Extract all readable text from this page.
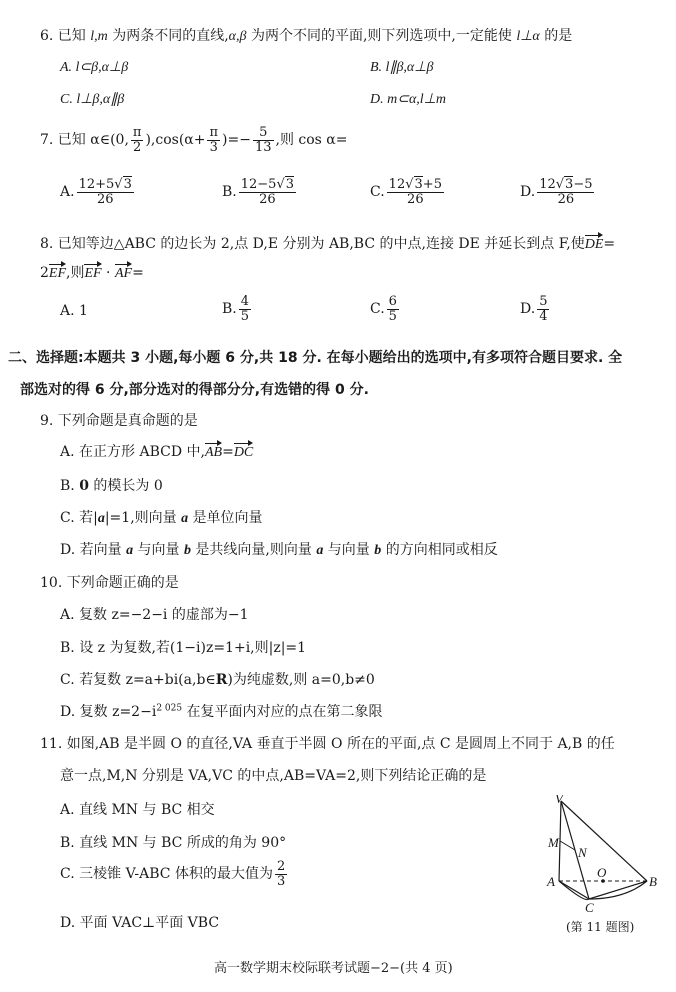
6. 已知 l,m 为两条不同的直线,α,β 为两个不同的平面,则下列选项中,一定能使 l⊥α 的是
A. l⊂β,α⊥β	B. l∥β,α⊥β
C. l⊥β,α∥β	D. m⊂α,l⊥m
7. 已知 α∈(0, $\frac{\pi}{2} ),\cos(\alpha+ \frac{\pi}{3}$ )=− $\frac{5}{13}$ ,则 cos α=
A. $\frac{12+5√3}{26}$	B. $\frac{12-5√3}{26}$	C. $\frac{12√3+5}{26}$	D. $\frac{12√3-5}{26}$
8. 已知等边△ABC 的边长为 2,点 D,E 分别为 AB,BC 的中点,连接 DE 并延长到点 F,使DE=
2EF,则EF · AF=
A. 1	B. $\frac{4}{5}$	C. $\frac{6}{5}$	D. $\frac{5}{4}$
二、选择题:本题共 3 小题,每小题 6 分,共 18 分. 在每小题给出的选项中,有多项符合题目要求. 全
部选对的得 6 分,部分选对的得部分分,有选错的得 0 分.
9. 下列命题是真命题的是
A. 在正方形 ABCD 中,AB=DC
B. 0 的模长为 0
C. 若|a|=1,则向量 a 是单位向量
D. 若向量 a 与向量 b 是共线向量,则向量 a 与向量 b 的方向相同或相反
10. 下列命题正确的是
A. 复数 z=−2−i 的虚部为−1
B. 设 z 为复数,若(1−i)z=1+i,则|z|=1
C. 若复数 z=a+bi(a,b∈R)为纯虚数,则 a=0,b≠0
D. 复数 $z=2-i^{2 025}$ 在复平面内对应的点在第二象限
11. 如图,AB 是半圆 O 的直径,VA 垂直于半圆 O 所在的平面,点 C 是圆周上不同于 A,B 的任
意一点,M,N 分别是 VA,VC 的中点,AB=VA=2,则下列结论正确的是
A. 直线 MN 与 BC 相交
B. 直线 MN 与 BC 所成的角为 90°
C. 三棱锥 V-ABC 体积的最大值为 $\frac{2}{3}$
D. 平面 VAC⊥平面 VBC
V
M
N
A
O
B
C
(第 11 题图)
高一数学期末校际联考试题−2−(共 4 页)
